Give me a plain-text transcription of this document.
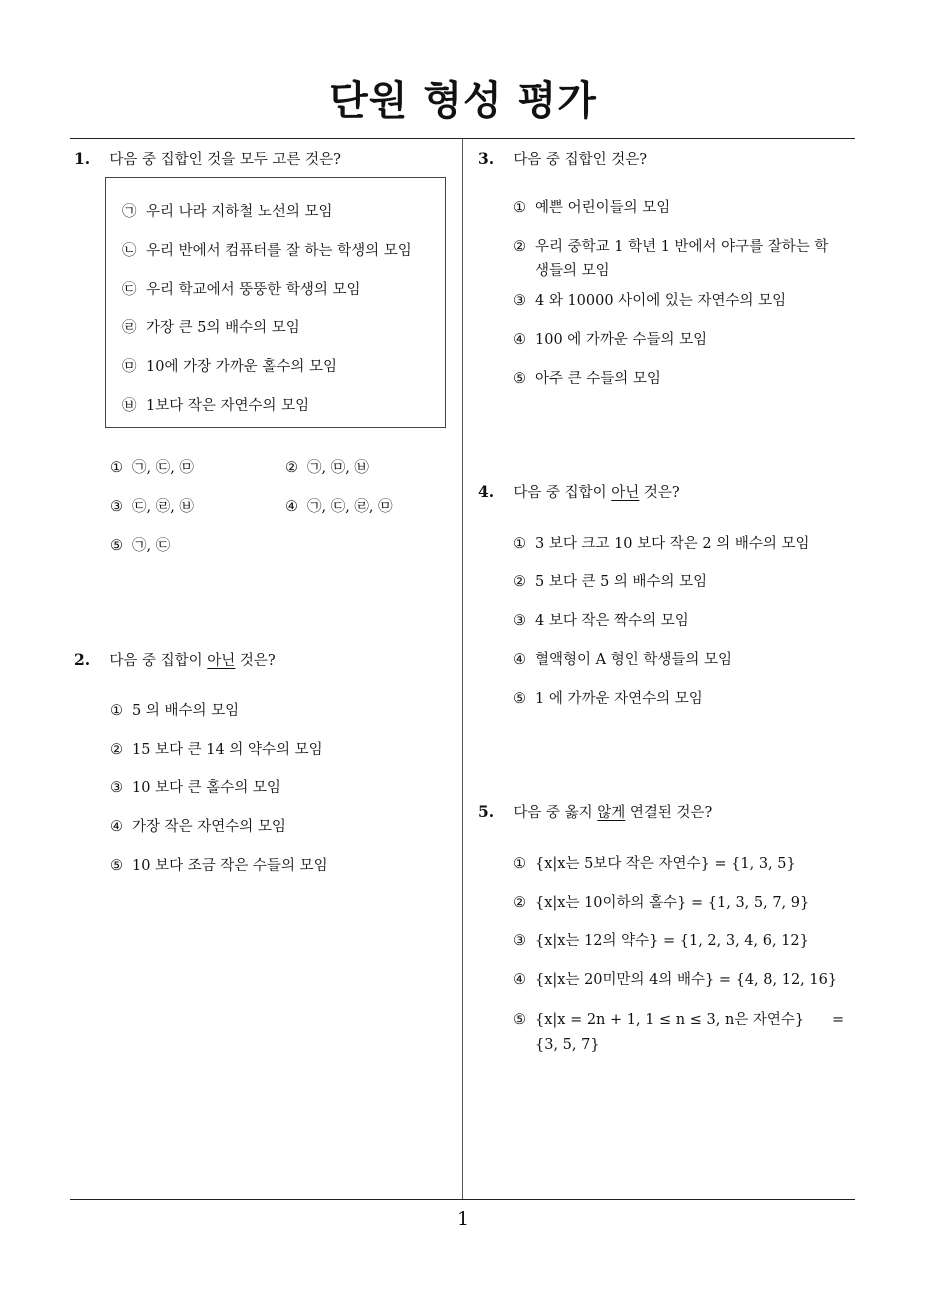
단원 형성 평가
1. 다음 중 집합인 것을 모두 고른 것은?
㉠ 우리 나라 지하철 노선의 모임
㉡ 우리 반에서 컴퓨터를 잘 하는 학생의 모임
㉢ 우리 학교에서 뚱뚱한 학생의 모임
㉣ 가장 큰 5의 배수의 모임
㉤ 10에 가장 가까운 홀수의 모임
㉥ 1보다 작은 자연수의 모임
① ㉠, ㉢, ㉤	② ㉠, ㉤, ㉥
③ ㉢, ㉣, ㉥	④ ㉠, ㉢, ㉣, ㉤
⑤ ㉠, ㉢
2. 다음 중 집합이 아닌 것은?
① 5 의 배수의 모임
② 15 보다 큰 14 의 약수의 모임
③ 10 보다 큰 홀수의 모임
④ 가장 작은 자연수의 모임
⑤ 10 보다 조금 작은 수들의 모임
3. 다음 중 집합인 것은?
① 예쁜 어린이들의 모임
② 우리 중학교 1 학년 1 반에서 야구를 잘하는 학
생들의 모임
③ 4 와 10000 사이에 있는 자연수의 모임
④ 100 에 가까운 수들의 모임
⑤ 아주 큰 수들의 모임
4. 다음 중 집합이 아닌 것은?
① 3 보다 크고 10 보다 작은 2 의 배수의 모임
② 5 보다 큰 5 의 배수의 모임
③ 4 보다 작은 짝수의 모임
④ 혈액형이 A 형인 학생들의 모임
⑤ 1 에 가까운 자연수의 모임
5. 다음 중 옳지 않게 연결된 것은?
① {x|x는 5보다 작은 자연수} = {1, 3, 5}
② {x|x는 10이하의 홀수} = {1, 3, 5, 7, 9}
③ {x|x는 12의 약수} = {1, 2, 3, 4, 6, 12}
④ {x|x는 20미만의 4의 배수} = {4, 8, 12, 16}
⑤ {x|x = 2n + 1, 1 ≤ n ≤ 3, n은 자연수} =
{3, 5, 7}
1
